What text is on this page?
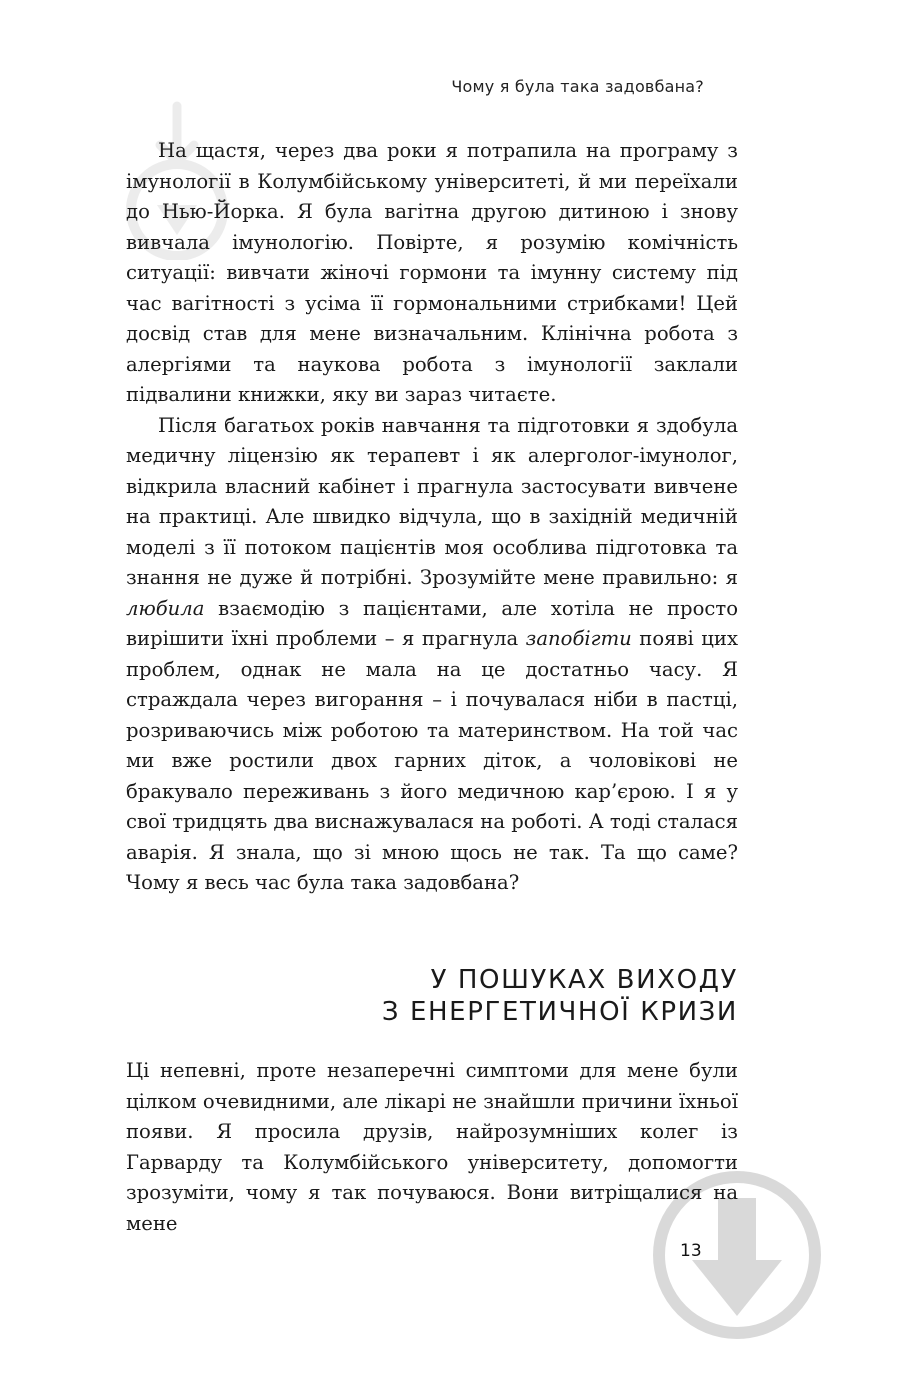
Чому я була така задовбана?

На щастя, через два роки я потрапила на програму з імунології в Колумбійському університеті, й ми переїхали до Нью-Йорка. Я була вагітна другою дитиною і знову вивчала імунологію. Повірте, я розумію комічність ситуації: вивчати жіночі гормони та імунну систему під час вагітності з усіма її гормональними стрибками! Цей досвід став для мене визначальним. Клінічна робота з алергіями та наукова робота з імунології заклали підвалини книжки, яку ви зараз читаєте.

Після багатьох років навчання та підготовки я здобула медичну ліцензію як терапевт і як алерголог-імунолог, відкрила власний кабінет і прагнула застосувати вивчене на практиці. Але швидко відчула, що в західній медичній моделі з її потоком пацієнтів моя особлива підготовка та знання не дуже й потрібні. Зрозумійте мене правильно: я любила взаємодію з пацієнтами, але хотіла не просто вирішити їхні проблеми – я прагнула запобігти появі цих проблем, однак не мала на це достатньо часу. Я страждала через вигорання – і почувалася ніби в пастці, розриваючись між роботою та материнством. На той час ми вже ростили двох гарних діток, а чоловікові не бракувало переживань з його медичною кар’єрою. І я у свої тридцять два виснажувалася на роботі. А тоді сталася аварія. Я знала, що зі мною щось не так. Та що саме? Чому я весь час була така задовбана?

У ПОШУКАХ ВИХОДУ
З ЕНЕРГЕТИЧНОЇ КРИЗИ

Ці непевні, проте незаперечні симптоми для мене були цілком очевидними, але лікарі не знайшли причини їхньої появи. Я просила друзів, найрозумніших колег із Гарварду та Колумбійського університету, допомогти зрозуміти, чому я так почуваюся. Вони витріщалися на мене

13
